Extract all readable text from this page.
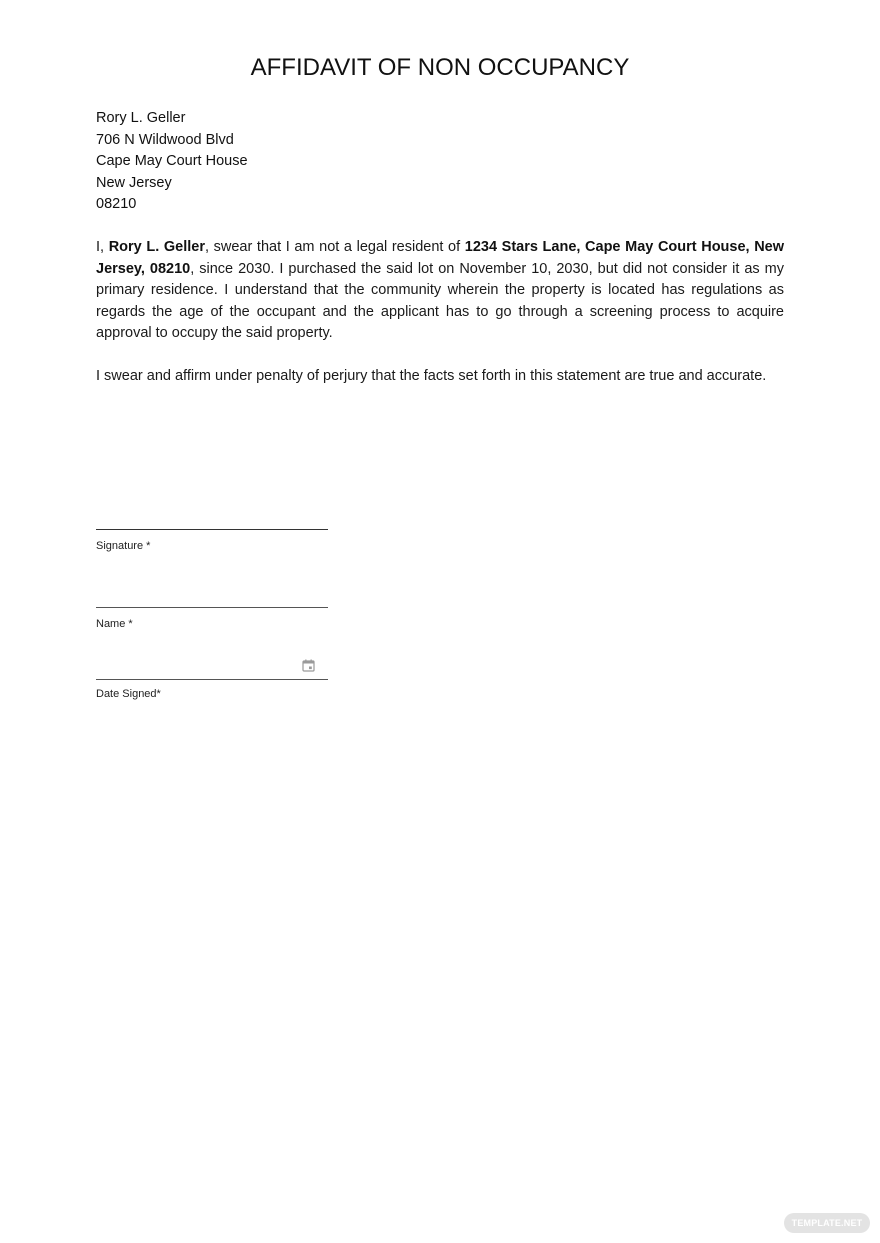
AFFIDAVIT OF NON OCCUPANCY
Rory L. Geller
706 N Wildwood Blvd
Cape May Court House
New Jersey
08210

I, Rory L. Geller, swear that I am not a legal resident of 1234 Stars Lane, Cape May Court House, New Jersey, 08210, since 2030. I purchased the said lot on November 10, 2030, but did not consider it as my primary residence. I understand that the community wherein the property is located has regulations as regards the age of the occupant and the applicant has to go through a screening process to acquire approval to occupy the said property.

I swear and affirm under penalty of perjury that the facts set forth in this statement are true and accurate.

Signature *
Name *
Date Signed*
TEMPLATE.NET
